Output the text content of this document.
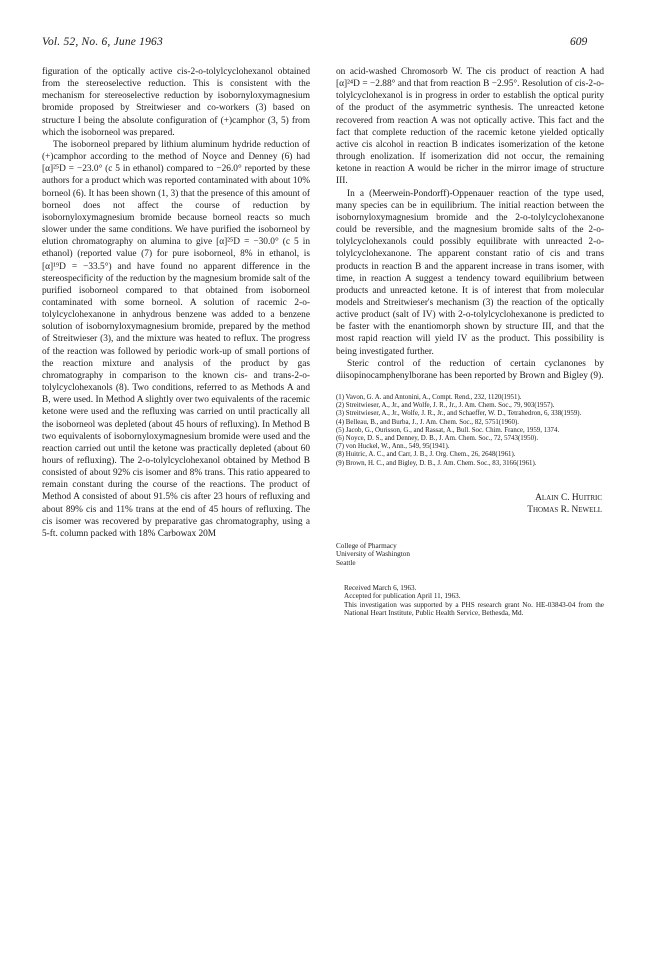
Vol. 52, No. 6, June 1963	609

figuration of the optically active cis-2-o-tolylcyclohexanol obtained from the stereoselective reduction. This is consistent with the mechanism for stereoselective reduction by isobornyloxymagnesium bromide proposed by Streitwieser and co-workers (3) based on structure I being the absolute configuration of (+)camphor (3, 5) from which the isoborneol was prepared.

The isoborneol prepared by lithium aluminum hydride reduction of (+)camphor according to the method of Noyce and Denney (6) had [α]²⁵D = −23.0° (c 5 in ethanol) compared to −26.0° reported by these authors for a product which was reported contaminated with about 10% borneol (6). It has been shown (1, 3) that the presence of this amount of borneol does not affect the course of reduction by isobornyloxymagnesium bromide because borneol reacts so much slower under the same conditions. We have purified the isoborneol by elution chromatography on alumina to give [α]²⁵D = −30.0° (c 5 in ethanol) (reported value (7) for pure isoborneol, 8% in ethanol, is [α]¹⁹D = −33.5°) and have found no apparent difference in the stereospecificity of the reduction by the magnesium bromide salt of the purified isoborneol compared to that obtained from isoborneol contaminated with some borneol. A solution of racemic 2-o-tolylcyclohexanone in anhydrous benzene was added to a benzene solution of isobornyloxymagnesium bromide, prepared by the method of Streitwieser (3), and the mixture was heated to reflux. The progress of the reaction was followed by periodic work-up of small portions of the reaction mixture and analysis of the product by gas chromatography in comparison to the known cis- and trans-2-o-tolylcyclohexanols (8). Two conditions, referred to as Methods A and B, were used. In Method A slightly over two equivalents of the racemic ketone were used and the refluxing was carried on until practically all the isoborneol was depleted (about 45 hours of refluxing). In Method B two equivalents of isobornyloxymagnesium bromide were used and the reaction carried out until the ketone was practically depleted (about 60 hours of refluxing). The 2-o-tolylcyclohexanol obtained by Method B consisted of about 92% cis isomer and 8% trans. This ratio appeared to remain constant during the course of the reactions. The product of Method A consisted of about 91.5% cis after 23 hours of refluxing and about 89% cis and 11% trans at the end of 45 hours of refluxing. The cis isomer was recovered by preparative gas chromatography, using a 5-ft. column packed with 18% Carbowax 20M

on acid-washed Chromosorb W. The cis product of reaction A had [α]²⁴D = −2.88° and that from reaction B −2.95°. Resolution of cis-2-o-tolylcyclohexanol is in progress in order to establish the optical purity of the product of the asymmetric synthesis. The unreacted ketone recovered from reaction A was not optically active. This fact and the fact that complete reduction of the racemic ketone yielded optically active cis alcohol in reaction B indicates isomerization of the ketone through enolization. If isomerization did not occur, the remaining ketone in reaction A would be richer in the mirror image of structure III.

In a (Meerwein-Pondorff)-Oppenauer reaction of the type used, many species can be in equilibrium. The initial reaction between the isobornyloxymagnesium bromide and the 2-o-tolylcyclohexanone could be reversible, and the magnesium bromide salts of the 2-o-tolylcyclohexanols could possibly equilibrate with unreacted 2-o-tolylcyclohexanone. The apparent constant ratio of cis and trans products in reaction B and the apparent increase in trans isomer, with time, in reaction A suggest a tendency toward equilibrium between products and unreacted ketone. It is of interest that from molecular models and Streitwieser's mechanism (3) the reaction of the optically active product (salt of IV) with 2-o-tolylcyclohexanone is predicted to be faster with the enantiomorph shown by structure III, and that the most rapid reaction will yield IV as the product. This possibility is being investigated further.

Steric control of the reduction of certain cyclanones by diisopinocamphenylborane has been reported by Brown and Bigley (9).

(1) Vavon, G. A. and Antonini, A., Compt. Rend., 232, 1120(1951).
(2) Streitwieser, A., Jr., and Wolfe, J. R., Jr., J. Am. Chem. Soc., 79, 903(1957).
(3) Streitwieser, A., Jr., Wolfe, J. R., Jr., and Schaeffer, W. D., Tetrahedron, 6, 338(1959).
(4) Belleau, B., and Burba, J., J. Am. Chem. Soc., 82, 5751(1960).
(5) Jacob, G., Ourisson, G., and Rassat, A., Bull. Soc. Chim. France, 1959, 1374.
(6) Noyce, D. S., and Denney, D. B., J. Am. Chem. Soc., 72, 5743(1950).
(7) von Huckel, W., Ann., 549, 95(1941).
(8) Huitric, A. C., and Carr, J. B., J. Org. Chem., 26, 2648(1961).
(9) Brown, H. C., and Bigley, D. B., J. Am. Chem. Soc., 83, 3166(1961).
Alain C. Huitric
Thomas R. Newell
College of Pharmacy
University of Washington
Seattle
Received March 6, 1963.
Accepted for publication April 11, 1963.
This investigation was supported by a PHS research grant No. HE-03843-04 from the National Heart Institute, Public Health Service, Bethesda, Md.
